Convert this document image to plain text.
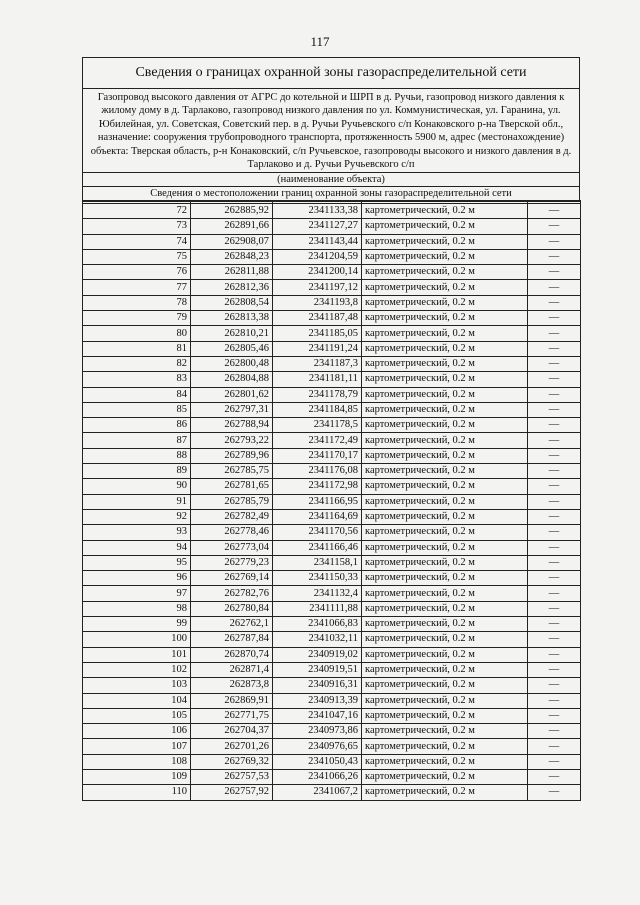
117
Сведения о границах охранной зоны газораспределительной сети
Газопровод высокого давления от АГРС до котельной и ШРП в д. Ручьи, газопровод низкого давления к жилому дому в д. Тарлаково, газопровод низкого давления по ул. Коммунистическая, ул. Гаранина, ул. Юбилейная, ул. Советская, Советский пер. в д. Ручьи Ручьевского с/п Конаковского р-на Тверской обл., назначение: сооружения трубопроводного транспорта, протяженность 5900 м, адрес (местонахождение) объекта: Тверская область, р-н Конаковский, с/п Ручьевское, газопроводы высокого и низкого давления в д. Тарлаково и д. Ручьи Ручьевского с/п
(наименование объекта)
Сведения о местоположении границ охранной зоны газораспределительной сети

72	262885,92	2341133,38	картометрический, 0.2 м	—
73	262891,66	2341127,27	картометрический, 0.2 м	—
74	262908,07	2341143,44	картометрический, 0.2 м	—
75	262848,23	2341204,59	картометрический, 0.2 м	—
76	262811,88	2341200,14	картометрический, 0.2 м	—
77	262812,36	2341197,12	картометрический, 0.2 м	—
78	262808,54	2341193,8	картометрический, 0.2 м	—
79	262813,38	2341187,48	картометрический, 0.2 м	—
80	262810,21	2341185,05	картометрический, 0.2 м	—
81	262805,46	2341191,24	картометрический, 0.2 м	—
82	262800,48	2341187,3	картометрический, 0.2 м	—
83	262804,88	2341181,11	картометрический, 0.2 м	—
84	262801,62	2341178,79	картометрический, 0.2 м	—
85	262797,31	2341184,85	картометрический, 0.2 м	—
86	262788,94	2341178,5	картометрический, 0.2 м	—
87	262793,22	2341172,49	картометрический, 0.2 м	—
88	262789,96	2341170,17	картометрический, 0.2 м	—
89	262785,75	2341176,08	картометрический, 0.2 м	—
90	262781,65	2341172,98	картометрический, 0.2 м	—
91	262785,79	2341166,95	картометрический, 0.2 м	—
92	262782,49	2341164,69	картометрический, 0.2 м	—
93	262778,46	2341170,56	картометрический, 0.2 м	—
94	262773,04	2341166,46	картометрический, 0.2 м	—
95	262779,23	2341158,1	картометрический, 0.2 м	—
96	262769,14	2341150,33	картометрический, 0.2 м	—
97	262782,76	2341132,4	картометрический, 0.2 м	—
98	262780,84	2341111,88	картометрический, 0.2 м	—
99	262762,1	2341066,83	картометрический, 0.2 м	—
100	262787,84	2341032,11	картометрический, 0.2 м	—
101	262870,74	2340919,02	картометрический, 0.2 м	—
102	262871,4	2340919,51	картометрический, 0.2 м	—
103	262873,8	2340916,31	картометрический, 0.2 м	—
104	262869,91	2340913,39	картометрический, 0.2 м	—
105	262771,75	2341047,16	картометрический, 0.2 м	—
106	262704,37	2340973,86	картометрический, 0.2 м	—
107	262701,26	2340976,65	картометрический, 0.2 м	—
108	262769,32	2341050,43	картометрический, 0.2 м	—
109	262757,53	2341066,26	картометрический, 0.2 м	—
110	262757,92	2341067,2	картометрический, 0.2 м	—
